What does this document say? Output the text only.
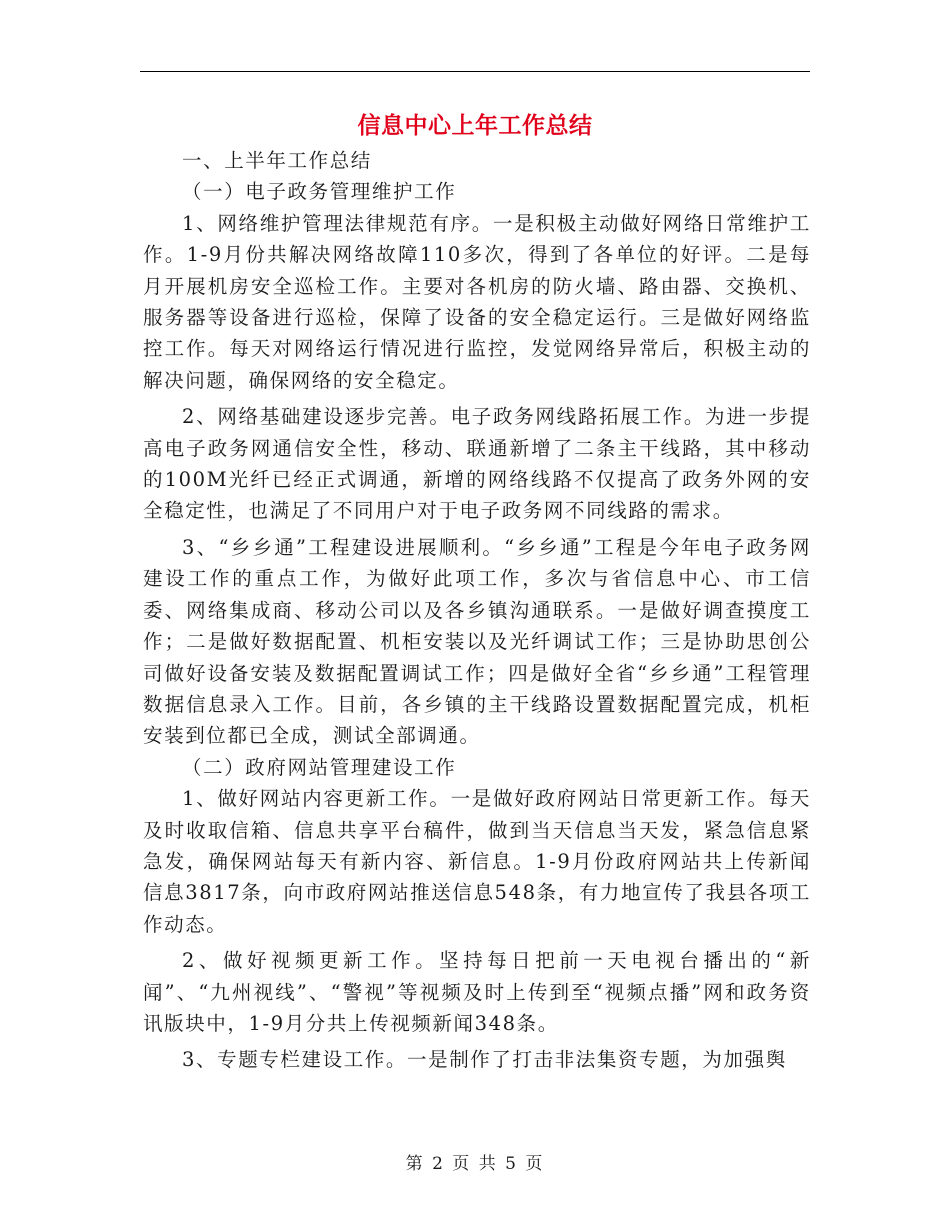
信息中心上年工作总结

一、上半年工作总结

（一）电子政务管理维护工作

1、网络维护管理法律规范有序。一是积极主动做好网络日常维护工作。1-9月份共解决网络故障110多次，得到了各单位的好评。二是每月开展机房安全巡检工作。主要对各机房的防火墙、路由器、交换机、服务器等设备进行巡检，保障了设备的安全稳定运行。三是做好网络监控工作。每天对网络运行情况进行监控，发觉网络异常后，积极主动的解决问题，确保网络的安全稳定。

2、网络基础建设逐步完善。电子政务网线路拓展工作。为进一步提高电子政务网通信安全性，移动、联通新增了二条主干线路，其中移动的100M光纤已经正式调通，新增的网络线路不仅提高了政务外网的安全稳定性，也满足了不同用户对于电子政务网不同线路的需求。

3、“乡乡通”工程建设进展顺利。“乡乡通”工程是今年电子政务网建设工作的重点工作，为做好此项工作，多次与省信息中心、市工信委、网络集成商、移动公司以及各乡镇沟通联系。一是做好调查摸度工作；二是做好数据配置、机柜安装以及光纤调试工作；三是协助思创公司做好设备安装及数据配置调试工作；四是做好全省“乡乡通”工程管理数据信息录入工作。目前，各乡镇的主干线路设置数据配置完成，机柜安装到位都已全成，测试全部调通。

（二）政府网站管理建设工作

1、做好网站内容更新工作。一是做好政府网站日常更新工作。每天及时收取信箱、信息共享平台稿件，做到当天信息当天发，紧急信息紧急发，确保网站每天有新内容、新信息。1-9月份政府网站共上传新闻信息3817条，向市政府网站推送信息548条，有力地宣传了我县各项工作动态。

2、做好视频更新工作。坚持每日把前一天电视台播出的“新闻”、“九州视线”、“警视”等视频及时上传到至“视频点播”网和政务资讯版块中，1-9月分共上传视频新闻348条。

3、专题专栏建设工作。一是制作了打击非法集资专题，为加强舆

第 2 页 共 5 页
